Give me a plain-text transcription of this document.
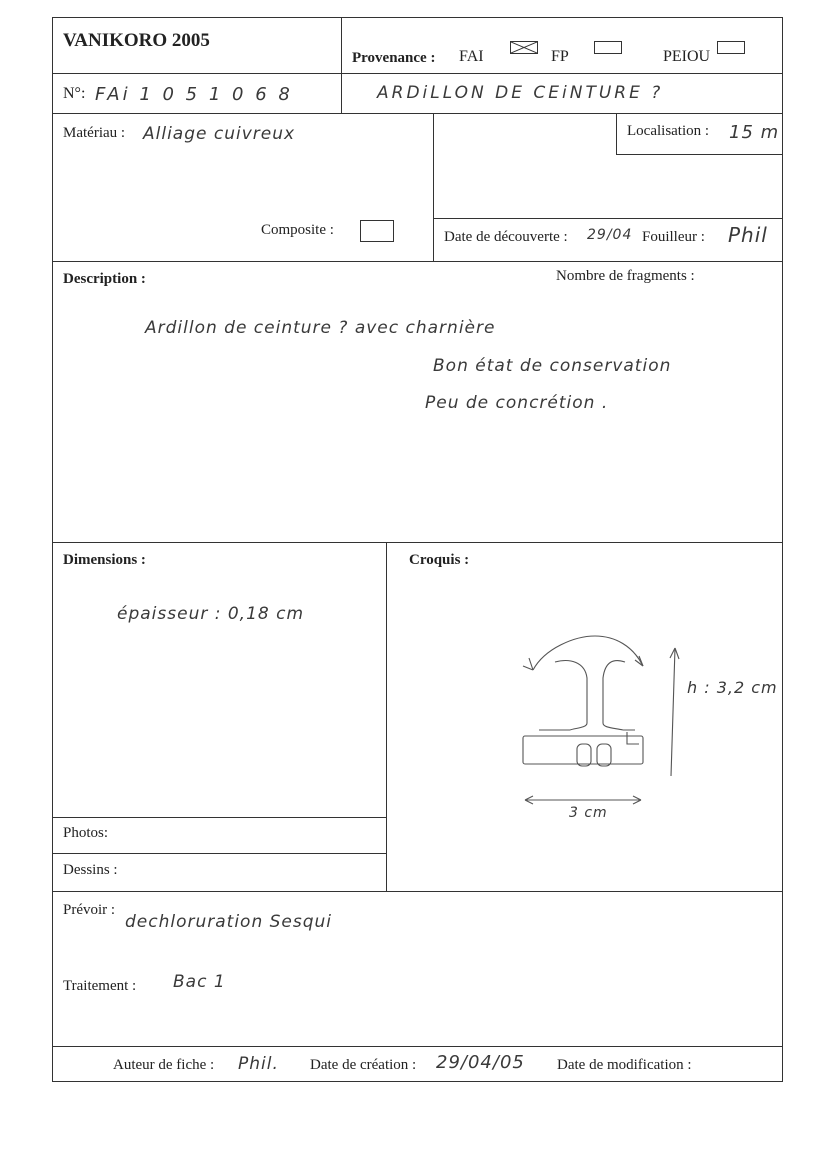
VANIKORO 2005
Provenance : FAI	FP	PEIOU
N°: FAi 1 0 5 1 0 6 8	ARDiLLON DE CEiNTURE ?
Matériau : Alliage cuivreux
Composite :
Localisation : 15 m
Date de découverte : 29/04 Fouilleur : Phil
Description :	Nombre de fragments :
Ardillon de ceinture ? avec charnière
Bon état de conservation
Peu de concrétion .
Dimensions :
épaisseur : 0,18 cm
Croquis :
h : 3,2 cm
3 cm
Photos:
Dessins :
Prévoir :
dechloruration Sesqui
Traitement : Bac 1
Auteur de fiche : Phil. Date de création : 29/04/05 Date de modification :
